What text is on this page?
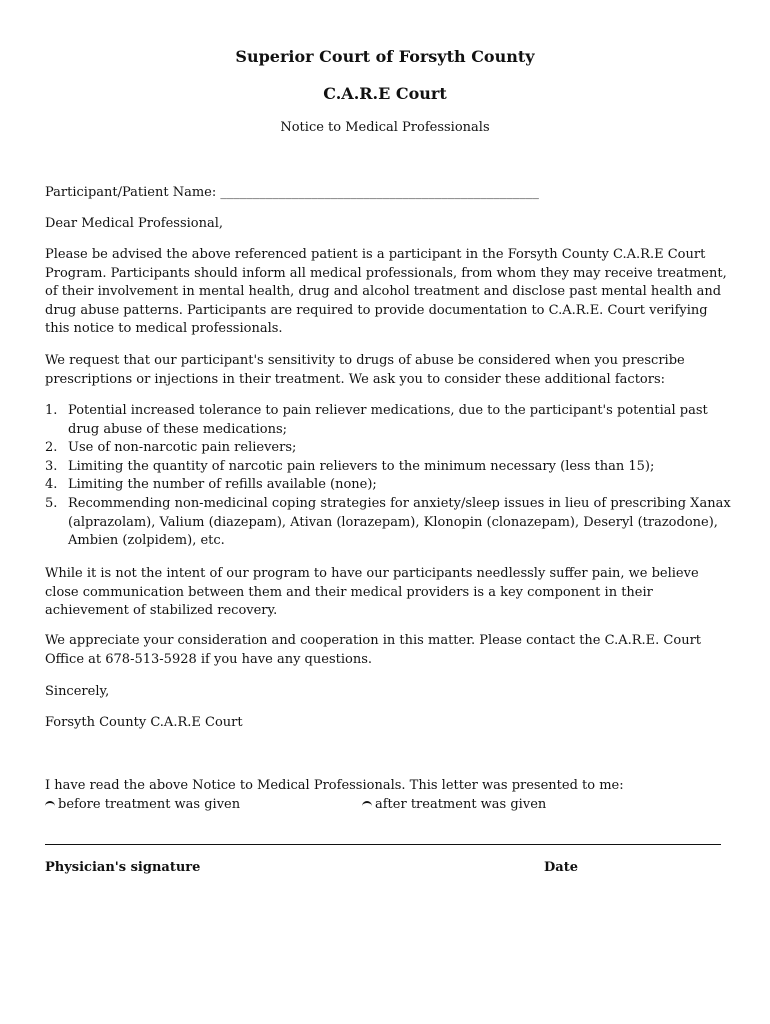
Superior Court of Forsyth County
C.A.R.E Court
Notice to Medical Professionals
Participant/Patient Name: _________________________________________________
Dear Medical Professional,
Please be advised the above referenced patient is a participant in the Forsyth County C.A.R.E Court Program. Participants should inform all medical professionals, from whom they may receive treatment, of their involvement in mental health, drug and alcohol treatment and disclose past mental health and drug abuse patterns. Participants are required to provide documentation to C.A.R.E. Court verifying this notice to medical professionals.
We request that our participant's sensitivity to drugs of abuse be considered when you prescribe prescriptions or injections in their treatment. We ask you to consider these additional factors:
1. Potential increased tolerance to pain reliever medications, due to the participant's potential past drug abuse of these medications;
2. Use of non-narcotic pain relievers;
3. Limiting the quantity of narcotic pain relievers to the minimum necessary (less than 15);
4. Limiting the number of refills available (none);
5. Recommending non-medicinal coping strategies for anxiety/sleep issues in lieu of prescribing Xanax (alprazolam), Valium (diazepam), Ativan (lorazepam), Klonopin (clonazepam), Deseryl (trazodone), Ambien (zolpidem), etc.
While it is not the intent of our program to have our participants needlessly suffer pain, we believe close communication between them and their medical providers is a key component in their achievement of stabilized recovery.
We appreciate your consideration and cooperation in this matter. Please contact the C.A.R.E. Court Office at 678-513-5928 if you have any questions.
Sincerely,
Forsyth County C.A.R.E Court
I have read the above Notice to Medical Professionals. This letter was presented to me:
before treatment was given	after treatment was given
Physician's signature	Date
